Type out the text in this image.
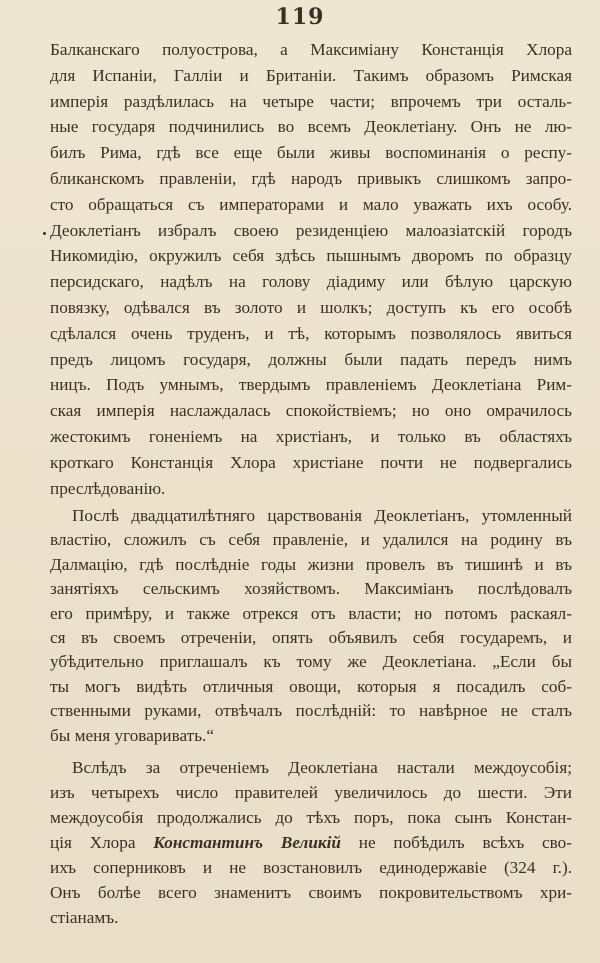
119
Балканскаго полуострова, а Максиміану Констанція Хлора
для Испаніи, Галліи и Британіи. Такимъ образомъ Римская
имперія раздѣлилась на четыре части; впрочемъ три осталь-
ные государя подчинились во всемъ Деоклетіану. Онъ не лю-
билъ Рима, гдѣ все еще были живы воспоминанія о респу-
бликанскомъ правленіи, гдѣ народъ привыкъ слишкомъ запро-
сто обращаться съ императорами и мало уважать ихъ особу.
Деоклетіанъ избралъ своею резиденціею малоазіатскій городъ
Никомидію, окружилъ себя здѣсь пышнымъ дворомъ по образцу
персидскаго, надѣлъ на голову діадиму или бѣлую царскую
повязку, одѣвался въ золото и шолкъ; доступъ къ его особѣ
сдѣлался очень труденъ, и тѣ, которымъ позволялось явиться
предъ лицомъ государя, должны были падать передъ нимъ
ницъ. Подъ умнымъ, твердымъ правленіемъ Деоклетіана Рим-
ская имперія наслаждалась спокойствіемъ; но оно омрачилось
жестокимъ гоненіемъ на христіанъ, и только въ областяхъ
кроткаго Констанція Хлора христіане почти не подвергались
преслѣдованію.
Послѣ двадцатилѣтняго царствованія Деоклетіанъ, утомленный
властію, сложилъ съ себя правленіе, и удалился на родину въ
Далмацію, гдѣ послѣдніе годы жизни провелъ въ тишинѣ и въ
занятіяхъ сельскимъ хозяйствомъ. Максиміанъ послѣдовалъ
его примѣру, и также отрекся отъ власти; но потомъ раскаял-
ся въ своемъ отреченіи, опять объявилъ себя государемъ, и
убѣдительно приглашалъ къ тому же Деоклетіана. „Если бы
ты могъ видѣть отличныя овощи, которыя я посадилъ соб-
ственными руками, отвѣчалъ послѣдній: то навѣрное не сталъ
бы меня уговаривать.“
Вслѣдъ за отреченіемъ Деоклетіана настали междоусобія;
изъ четырехъ число правителей увеличилось до шести. Эти
междоусобія продолжались до тѣхъ поръ, пока сынъ Констан-
ція Хлора Константинъ Великій не побѣдилъ всѣхъ сво-
ихъ соперниковъ и не возстановилъ единодержавіе (324 г.).
Онъ болѣе всего знаменитъ своимъ покровительствомъ хри-
стіанамъ.
